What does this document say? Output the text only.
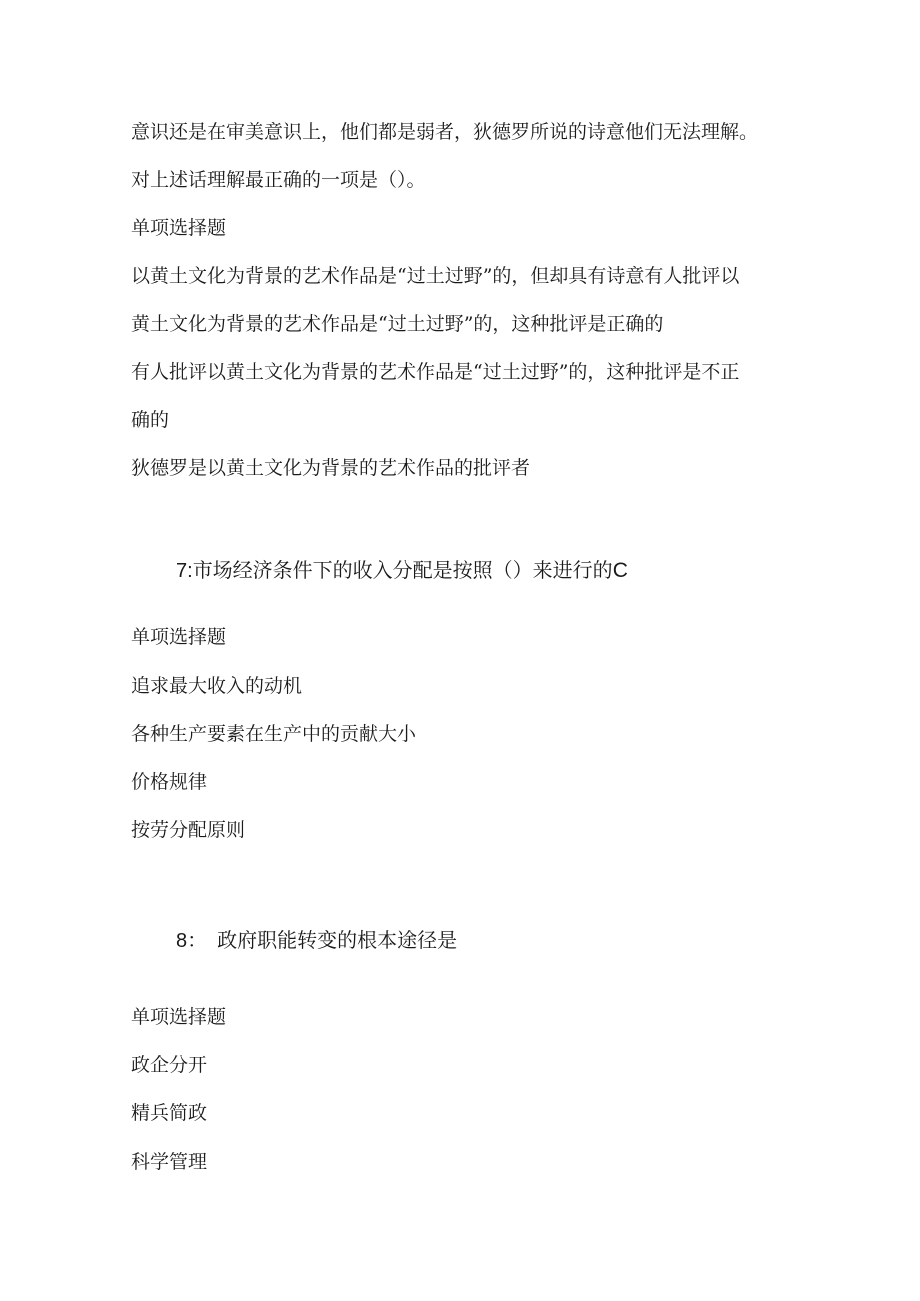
意识还是在审美意识上，他们都是弱者，狄德罗所说的诗意他们无法理解。

对上述话理解最正确的一项是（）。

单项选择题

以黄土文化为背景的艺术作品是“过土过野”的，但却具有诗意有人批评以

黄土文化为背景的艺术作品是“过土过野”的，这种批评是正确的

有人批评以黄土文化为背景的艺术作品是“过土过野”的，这种批评是不正

确的

狄德罗是以黄土文化为背景的艺术作品的批评者

7:市场经济条件下的收入分配是按照（）来进行的C

单项选择题

追求最大收入的动机

各种生产要素在生产中的贡献大小

价格规律

按劳分配原则

8： 政府职能转变的根本途径是

单项选择题

政企分开

精兵简政

科学管理
